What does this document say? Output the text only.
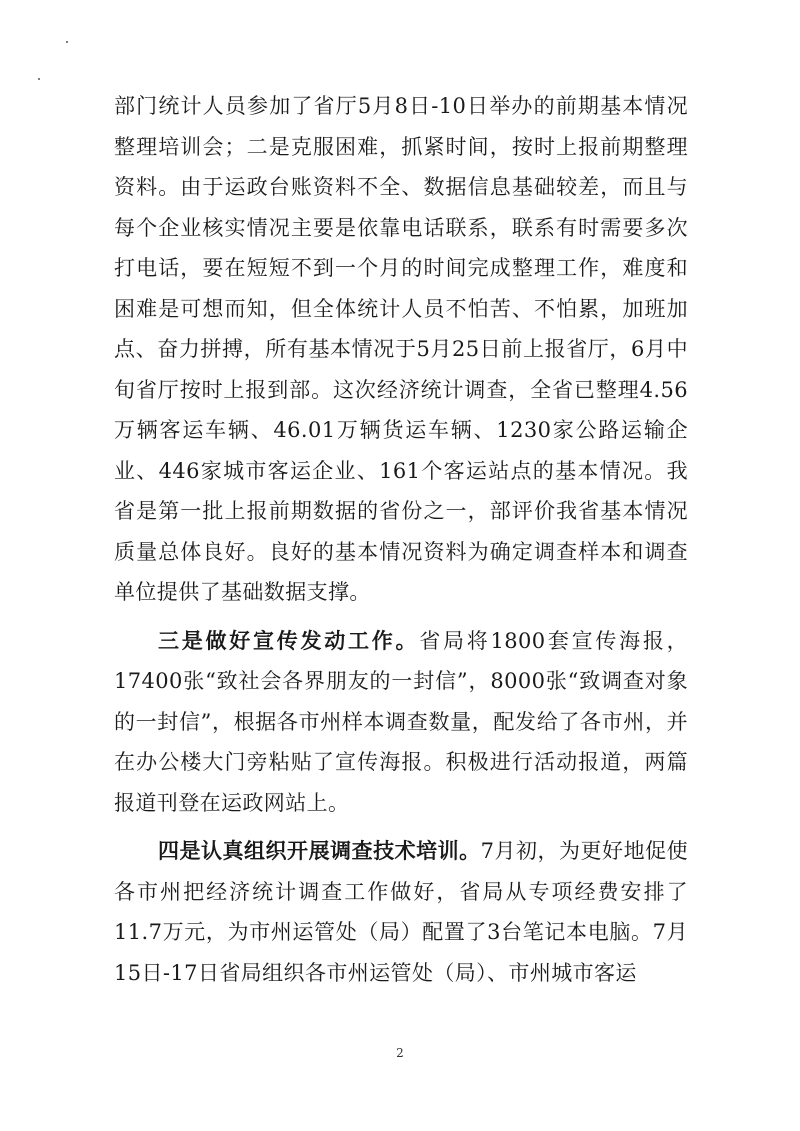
部门统计人员参加了省厅5月8日-10日举办的前期基本情况整理培训会；二是克服困难，抓紧时间，按时上报前期整理资料。由于运政台账资料不全、数据信息基础较差，而且与每个企业核实情况主要是依靠电话联系，联系有时需要多次打电话，要在短短不到一个月的时间完成整理工作，难度和困难是可想而知，但全体统计人员不怕苦、不怕累，加班加点、奋力拼搏，所有基本情况于5月25日前上报省厅，6月中旬省厅按时上报到部。这次经济统计调查，全省已整理4.56万辆客运车辆、46.01万辆货运车辆、1230家公路运输企业、446家城市客运企业、161个客运站点的基本情况。我省是第一批上报前期数据的省份之一，部评价我省基本情况质量总体良好。良好的基本情况资料为确定调查样本和调查单位提供了基础数据支撑。

三是做好宣传发动工作。省局将1800套宣传海报，17400张“致社会各界朋友的一封信”，8000张“致调查对象的一封信”，根据各市州样本调查数量，配发给了各市州，并在办公楼大门旁粘贴了宣传海报。积极进行活动报道，两篇报道刊登在运政网站上。

四是认真组织开展调查技术培训。7月初，为更好地促使各市州把经济统计调查工作做好，省局从专项经费安排了11.7万元，为市州运管处（局）配置了3台笔记本电脑。7月15日-17日省局组织各市州运管处（局）、市州城市客运

2
